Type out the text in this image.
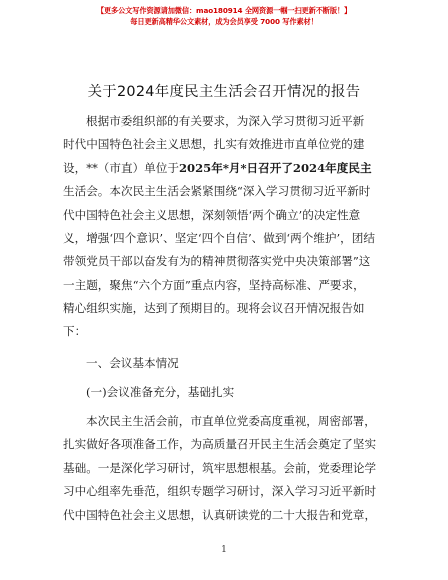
【更多公文写作资源请加微信：mao180914 全网资源一帼一扫更新不断版！】
每日更新高精华公文素材，成为会员享受 7000 写作素材！
关于2024年度民主生活会召开情况的报告
根据市委组织部的有关要求，为深入学习贯彻习近平新
时代中国特色社会主义思想，扎实有效推进市直单位党的建
设，**（市直）单位于2025年*月*日召开了2024年度民主
生活会。本次民主生活会紧紧围绕“深入学习贯彻习近平新时
代中国特色社会主义思想，深刻领悟‘两个确立’的决定性意
义，增强‘四个意识’、坚定‘四个自信’、做到‘两个维护’，团结
带领党员干部以奋发有为的精神贯彻落实党中央决策部署”这
一主题，聚焦“六个方面”重点内容，坚持高标准、严要求，
精心组织实施，达到了预期目的。现将会议召开情况报告如
下：
一、会议基本情况
(一)会议准备充分，基础扎实
本次民主生活会前，市直单位党委高度重视，周密部署，
扎实做好各项准备工作，为高质量召开民主生活会奠定了坚实
基础。一是深化学习研讨，筑牢思想根基。会前，党委理论学
习中心组率先垂范，组织专题学习研讨，深入学习习近平新时
代中国特色社会主义思想，认真研读党的二十大报告和党章，
1
